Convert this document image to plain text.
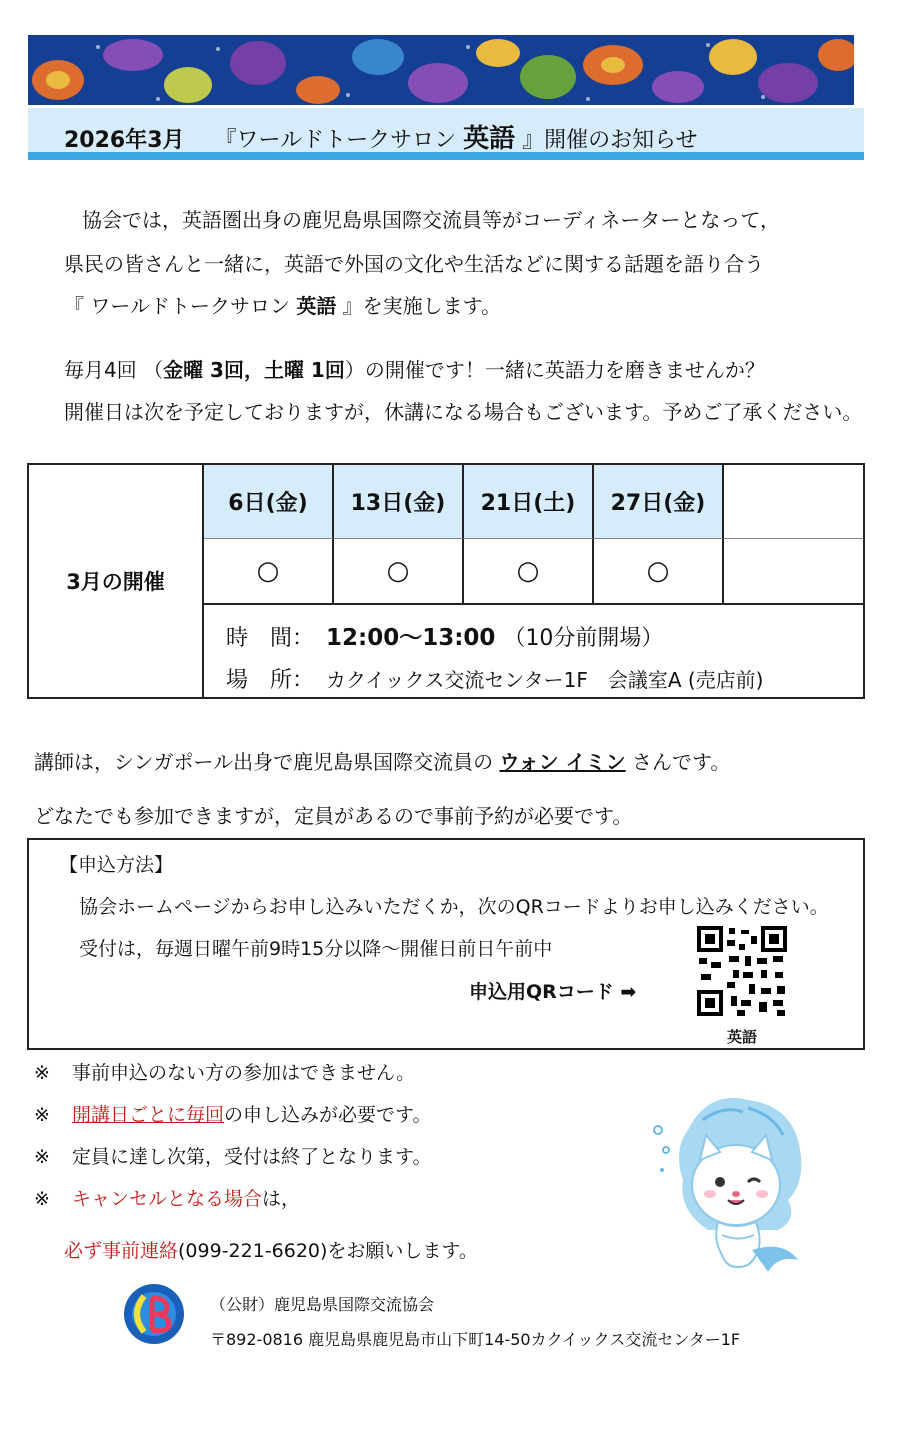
2026年3月 『ワールドトークサロン 英語 』開催のお知らせ
協会では，英語圏出身の鹿児島県国際交流員等がコーディネーターとなって，
県民の皆さんと一緒に，英語で外国の文化や生活などに関する話題を語り合う
『 ワールドトークサロン 英語 』を実施します。
毎月4回 （金曜 3回，土曜 1回）の開催です！一緒に英語力を磨きませんか？
開催日は次を予定しておりますが，休講になる場合もございます。予めご了承ください。
3月の開催
6日(金)	13日(金)	21日(土)	27日(金)
○	○	○	○
時　間： 12:00〜13:00 （10分前開場）
場　所： カクイックス交流センター1F　会議室A (売店前)
講師は，シンガポール出身で鹿児島県国際交流員の ウォン イミン さんです。
どなたでも参加できますが，定員があるので事前予約が必要です。
【申込方法】
協会ホームページからお申し込みいただくか，次のQRコードよりお申し込みください。
受付は，毎週日曜午前9時15分以降〜開催日前日午前中
申込用QRコード ➡
英語
※ 事前申込のない方の参加はできません。
※ 開講日ごとに毎回の申し込みが必要です。
※ 定員に達し次第，受付は終了となります。
※ キャンセルとなる場合は，
必ず事前連絡(099-221-6620)をお願いします。
（公財）鹿児島県国際交流協会
〒892-0816 鹿児島県鹿児島市山下町14-50カクイックス交流センター1F
